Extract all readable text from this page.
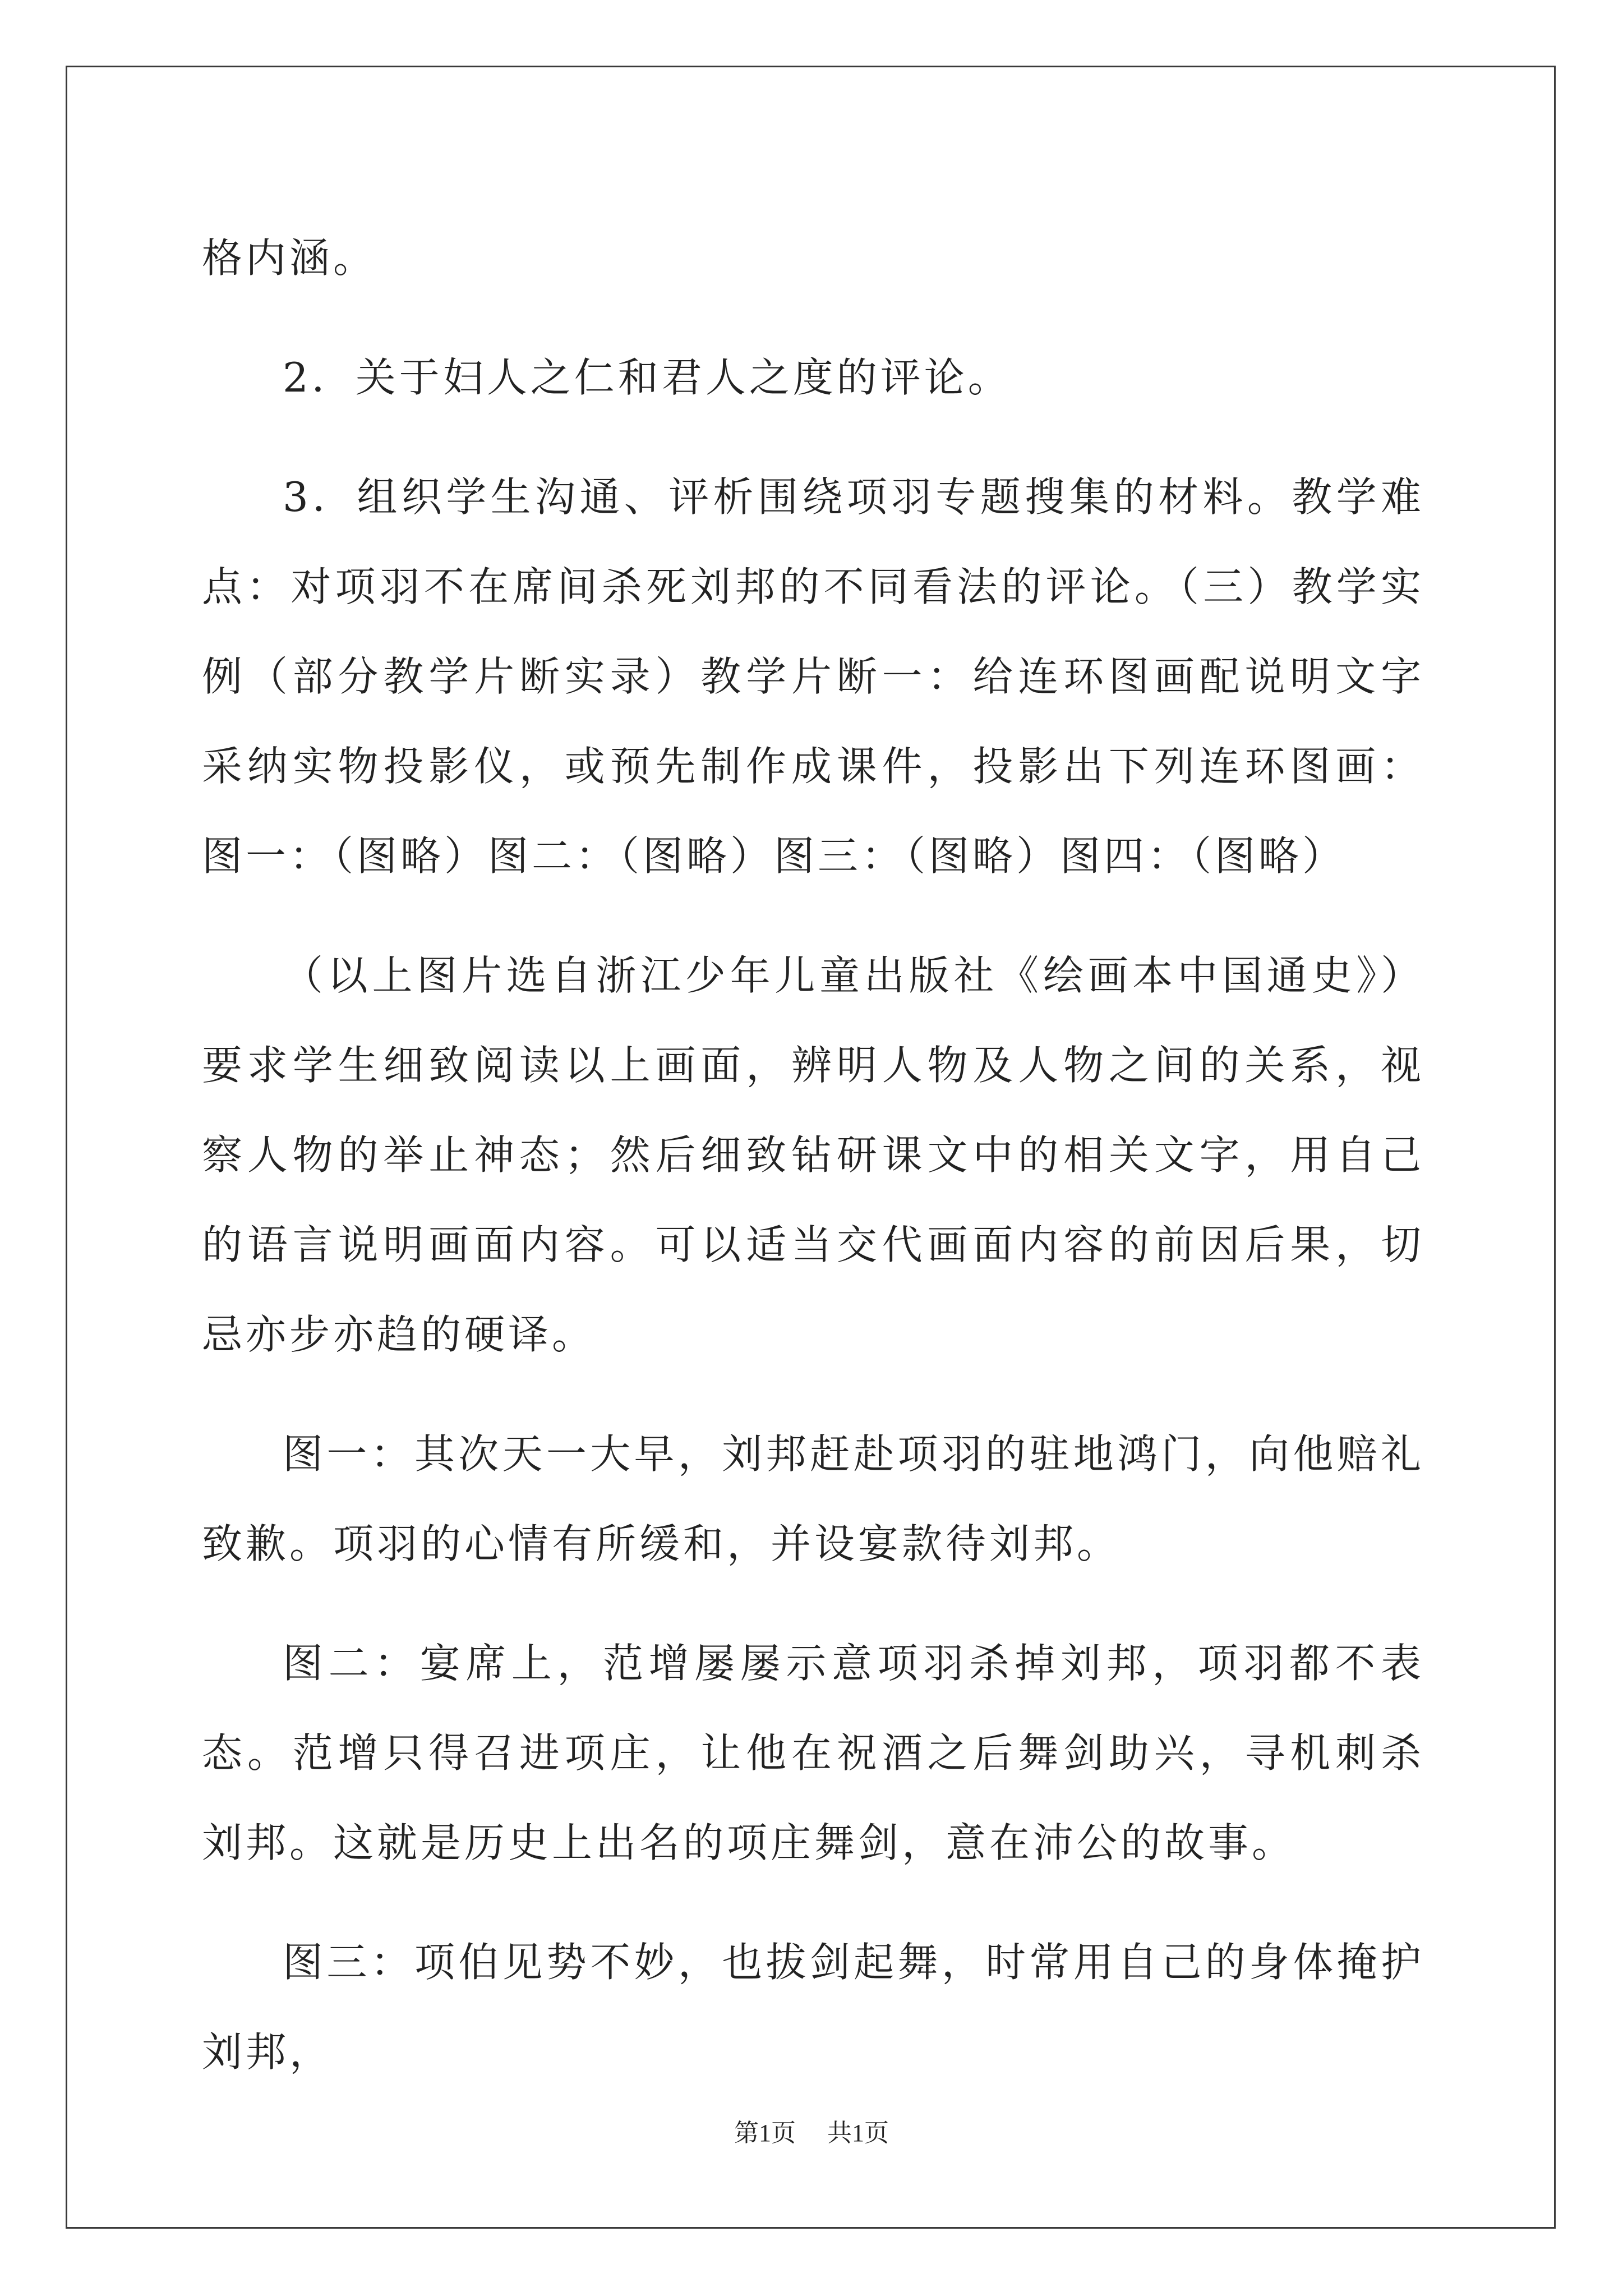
格内涵。

2．关于妇人之仁和君人之度的评论。

3．组织学生沟通、评析围绕项羽专题搜集的材料。教学难点：对项羽不在席间杀死刘邦的不同看法的评论。（三）教学实例（部分教学片断实录）教学片断一：给连环图画配说明文字采纳实物投影仪，或预先制作成课件，投影出下列连环图画：图一：（图略）图二：（图略）图三：（图略）图四：（图略）

（以上图片选自浙江少年儿童出版社《绘画本中国通史》）要求学生细致阅读以上画面，辨明人物及人物之间的关系，视察人物的举止神态；然后细致钻研课文中的相关文字，用自己的语言说明画面内容。可以适当交代画面内容的前因后果，切忌亦步亦趋的硬译。

图一：其次天一大早，刘邦赶赴项羽的驻地鸿门，向他赔礼致歉。项羽的心情有所缓和，并设宴款待刘邦。

图二：宴席上，范增屡屡示意项羽杀掉刘邦，项羽都不表态。范增只得召进项庄，让他在祝酒之后舞剑助兴，寻机刺杀刘邦。这就是历史上出名的项庄舞剑，意在沛公的故事。

图三：项伯见势不妙，也拔剑起舞，时常用自己的身体掩护刘邦，

第1页 共1页
